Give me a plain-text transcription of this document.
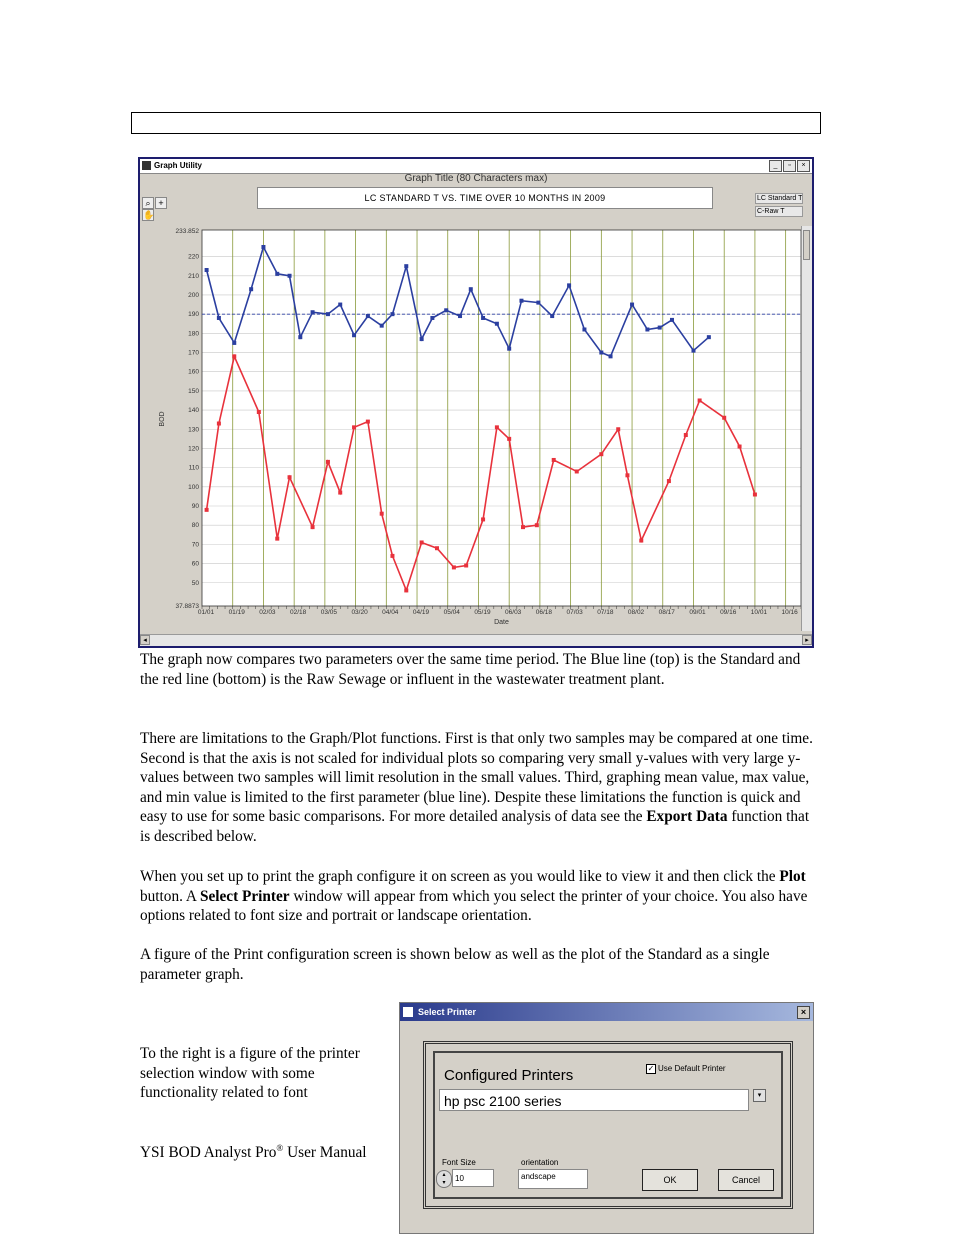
Graph Utility	_	▫	×
Graph Title (80 Characters max)
LC STANDARD T VS. TIME OVER 10 MONTHS IN 2009
⌕ +
✋
LC Standard T
C-Raw T
50
60
70
80
90
100
110
120
130
140
150
160
170
180
190
200
210
220
01/01 01/19 02/03 02/18 03/05 03/20 04/04 04/19 05/04 05/19 06/03 06/18 07/03 07/18 08/02 08/17 09/01 09/16 10/01 10/16
233.852
37.8873
BOD
Date
◂	▸
The graph now compares two parameters over the same time period. The Blue line (top) is the Standard and the red line (bottom) is the Raw Sewage or influent in the wastewater treatment plant.
There are limitations to the Graph/Plot functions. First is that only two samples may be compared at one time. Second is that the axis is not scaled for individual plots so comparing very small y-values with very large y-values between two samples will limit resolution in the small values. Third, graphing mean value, max value, and min value is limited to the first parameter (blue line). Despite these limitations the function is quick and easy to use for some basic comparisons. For more detailed analysis of data see the Export Data function that is described below.
When you set up to print the graph configure it on screen as you would like to view it and then click the Plot button. A Select Printer window will appear from which you select the printer of your choice. You also have options related to font size and portrait or landscape orientation.
A figure of the Print configuration screen is shown below as well as the plot of the Standard as a single parameter graph.
To the right is a figure of the printer selection window with some functionality related to font
YSI BOD Analyst Pro® User Manual
Select Printer	×
Configured Printers	✓ Use Default Printer
hp psc 2100 series	▾
Font Size
▴
▾	10
orientation
andscape	OK	Cancel
